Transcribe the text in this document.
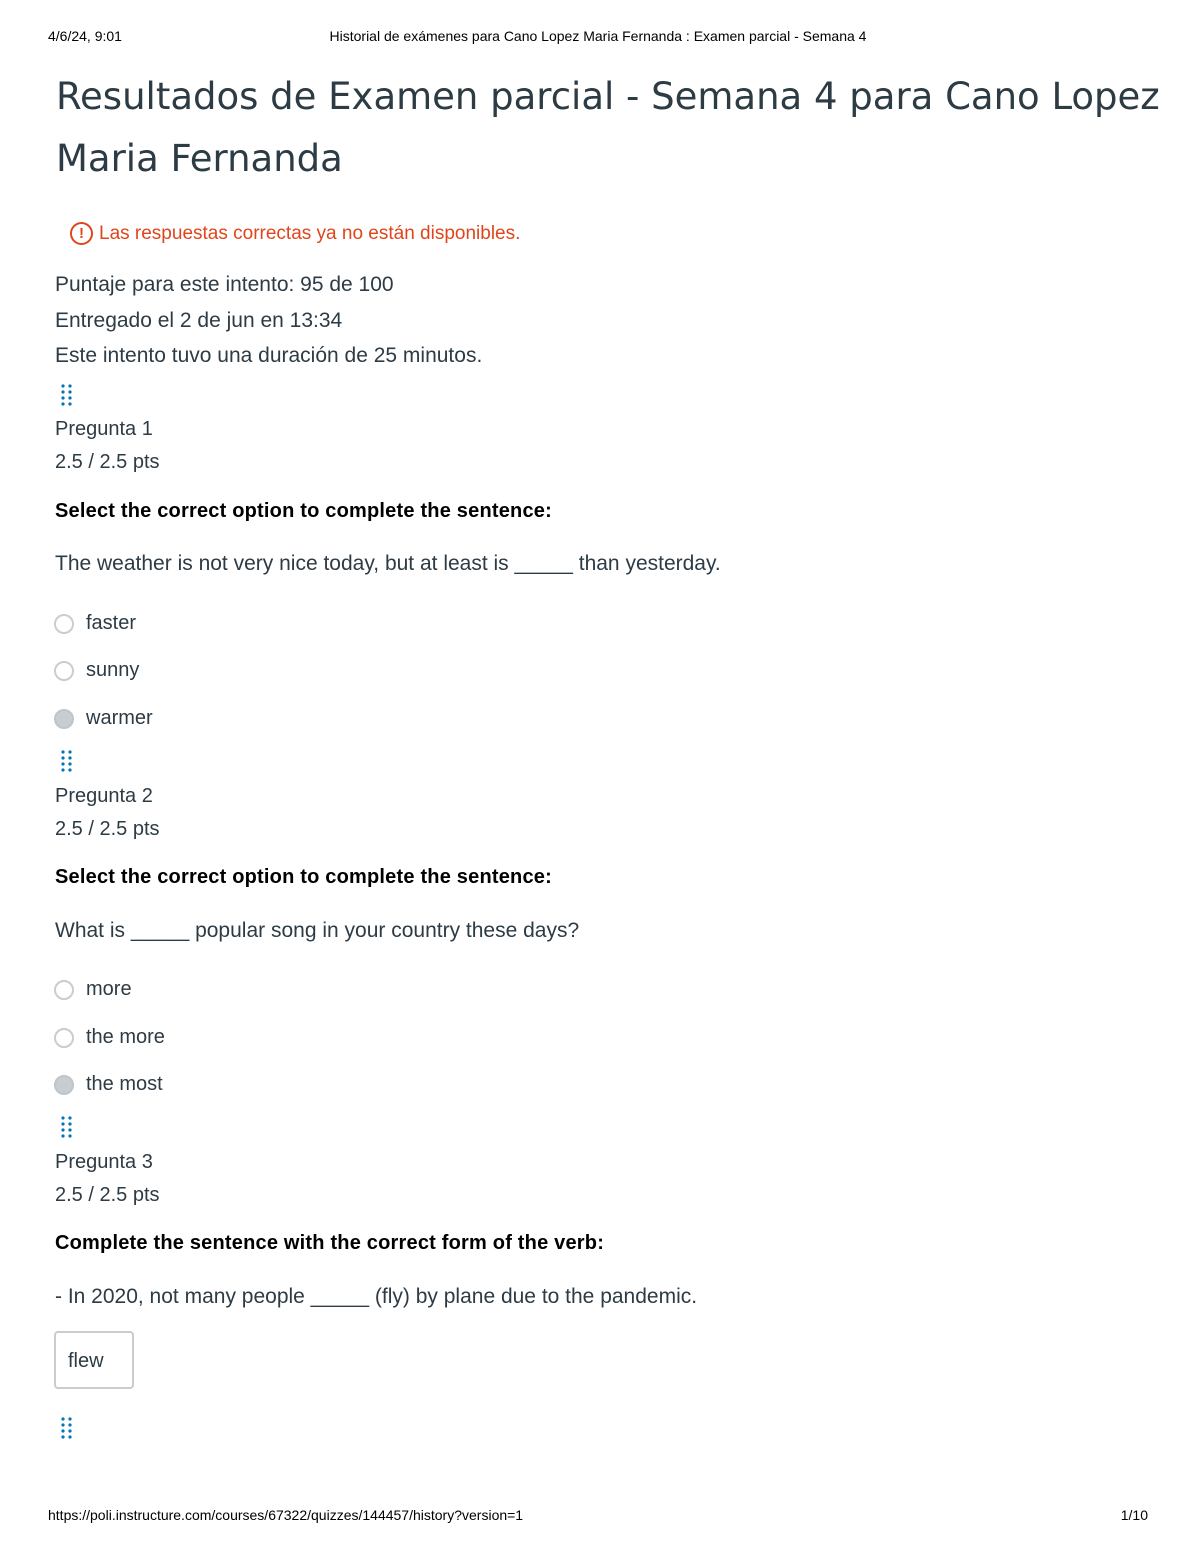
4/6/24, 9:01	Historial de exámenes para Cano Lopez Maria Fernanda : Examen parcial - Semana 4
Resultados de Examen parcial - Semana 4 para Cano Lopez Maria Fernanda
! Las respuestas correctas ya no están disponibles.
Puntaje para este intento: 95 de 100
Entregado el 2 de jun en 13:34
Este intento tuvo una duración de 25 minutos.
Pregunta 1
2.5 / 2.5 pts
Select the correct option to complete the sentence:
The weather is not very nice today, but at least is _____ than yesterday.
faster
sunny
warmer
Pregunta 2
2.5 / 2.5 pts
Select the correct option to complete the sentence:
What is _____ popular song in your country these days?
more
the more
the most
Pregunta 3
2.5 / 2.5 pts
Complete the sentence with the correct form of the verb:
- In 2020, not many people _____ (fly) by plane due to the pandemic.
flew
https://poli.instructure.com/courses/67322/quizzes/144457/history?version=1	1/10
